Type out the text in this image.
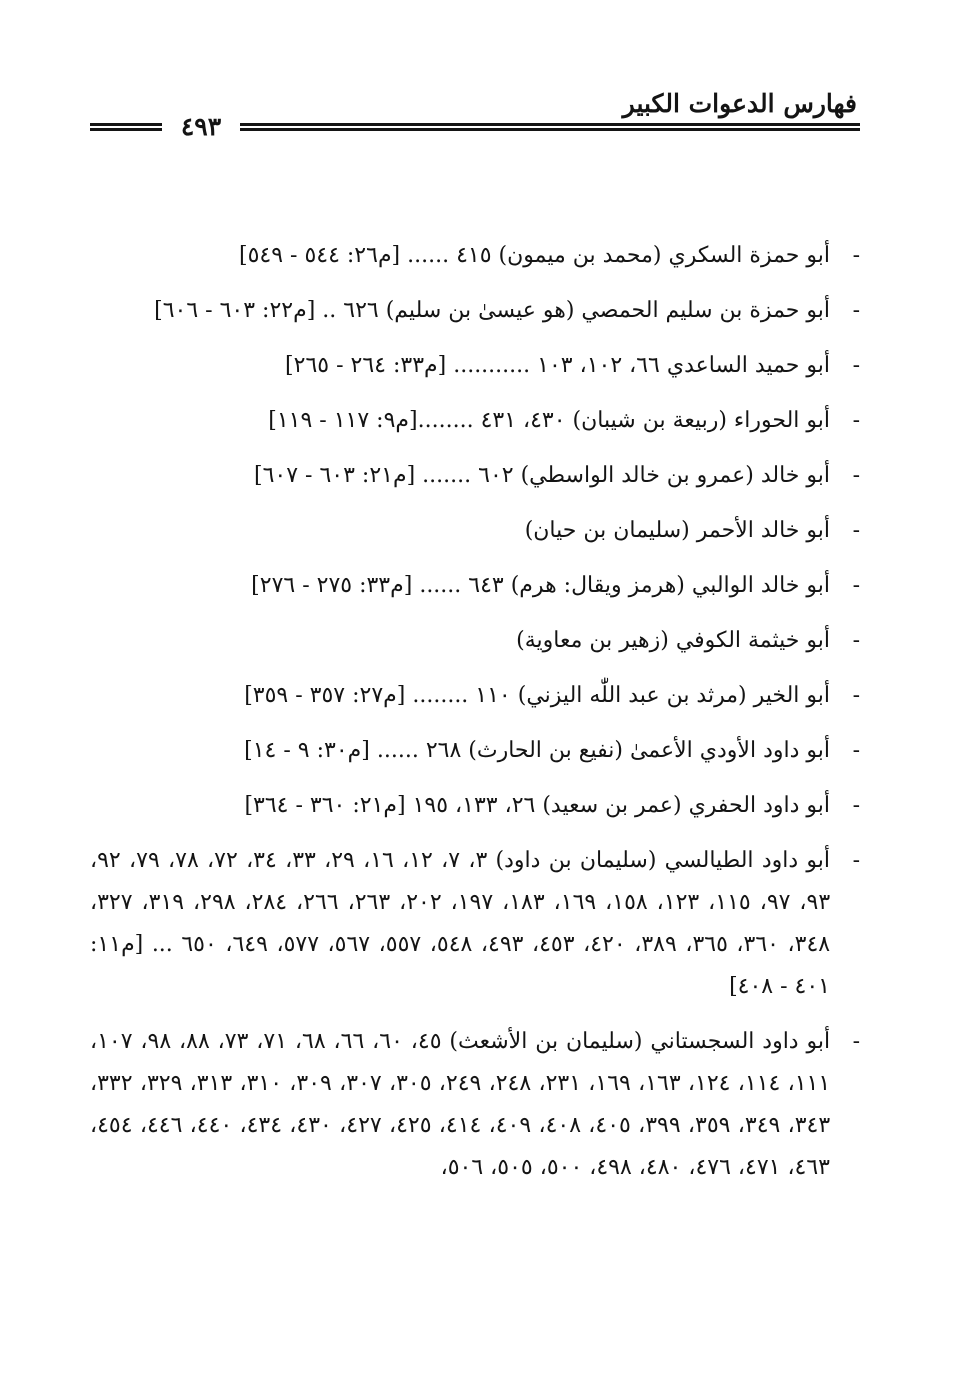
فهارس الدعوات الكبير
٤٩٣
-
أبو حمزة السكري (محمد بن ميمون) ٤١٥ ...... [م٢٦: ٥٤٤ - ٥٤٩]
-
أبو حمزة بن سليم الحمصي (هو عيسىٰ بن سليم) ٦٢٦ .. [م٢٢: ٦٠٣ - ٦٠٦]
-
أبو حميد الساعدي ٦٦، ١٠٢، ١٠٣ ........... [م٣٣: ٢٦٤ - ٢٦٥]
-
أبو الحوراء (ربيعة بن شيبان) ٤٣٠، ٤٣١ ........[م٩: ١١٧ - ١١٩]
-
أبو خالد (عمرو بن خالد الواسطي) ٦٠٢ ....... [م٢١: ٦٠٣ - ٦٠٧]
-
أبو خالد الأحمر (سليمان بن حيان)
-
أبو خالد الوالبي (هرمز ويقال: هرم) ٦٤٣ ...... [م٣٣: ٢٧٥ - ٢٧٦]
-
أبو خيثمة الكوفي (زهير بن معاوية)
-
أبو الخير (مرثد بن عبد اللّٰه اليزني) ١١٠ ........ [م٢٧: ٣٥٧ - ٣٥٩]
-
أبو داود الأودي الأعمىٰ (نفيع بن الحارث) ٢٦٨ ...... [م٣٠: ٩ - ١٤]
-
أبو داود الحفري (عمر بن سعيد) ٢٦، ١٣٣، ١٩٥ [م٢١: ٣٦٠ - ٣٦٤]
-
أبو داود الطيالسي (سليمان بن داود) ٣، ٧، ١٢، ١٦، ٢٩، ٣٣، ٣٤، ٧٢، ٧٨، ٧٩، ٩٢، ٩٣، ٩٧، ١١٥، ١٢٣، ١٥٨، ١٦٩، ١٨٣، ١٩٧، ٢٠٢، ٢٦٣، ٢٦٦، ٢٨٤، ٢٩٨، ٣١٩، ٣٢٧، ٣٤٨، ٣٦٠، ٣٦٥، ٣٨٩، ٤٢٠، ٤٥٣، ٤٩٣، ٥٤٨، ٥٥٧، ٥٦٧، ٥٧٧، ٦٤٩، ٦٥٠ ... [م١١: ٤٠١ - ٤٠٨]
-
أبو داود السجستاني (سليمان بن الأشعث) ٤٥، ٦٠، ٦٦، ٦٨، ٧١، ٧٣، ٨٨، ٩٨، ١٠٧، ١١١، ١١٤، ١٢٤، ١٦٣، ١٦٩، ٢٣١، ٢٤٨، ٢٤٩، ٣٠٥، ٣٠٧، ٣٠٩، ٣١٠، ٣١٣، ٣٢٩، ٣٣٢، ٣٤٣، ٣٤٩، ٣٥٩، ٣٩٩، ٤٠٥، ٤٠٨، ٤٠٩، ٤١٤، ٤٢٥، ٤٢٧، ٤٣٠، ٤٣٤، ٤٤٠، ٤٤٦، ٤٥٤، ٤٦٣، ٤٧١، ٤٧٦، ٤٨٠، ٤٩٨، ٥٠٠، ٥٠٥، ٥٠٦،
